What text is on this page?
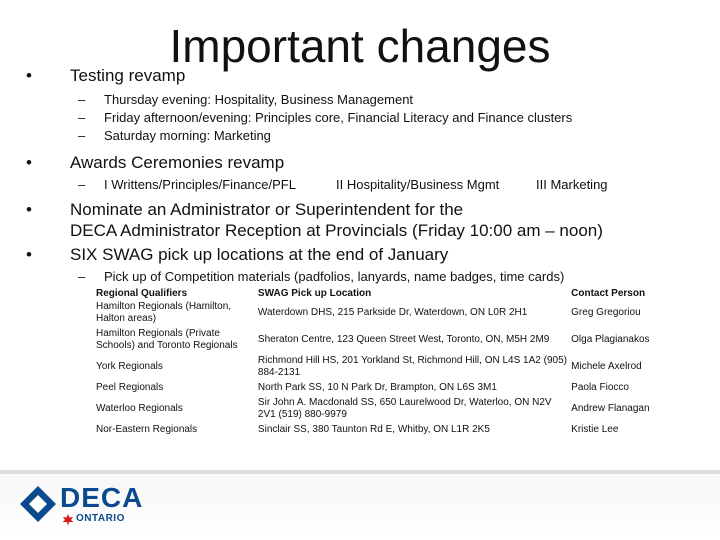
Important changes
• Testing revamp
– Thursday evening: Hospitality, Business Management
– Friday afternoon/evening: Principles core, Financial Literacy and Finance clusters
– Saturday morning: Marketing
• Awards Ceremonies revamp
– I Writtens/Principles/Finance/PFL	II Hospitality/Business Mgmt	III Marketing
• Nominate an Administrator or Superintendent for the
DECA Administrator Reception at Provincials (Friday 10:00 am – noon)
• SIX SWAG pick up locations at the end of January
– Pick up of Competition materials (padfolios, lanyards, name badges, time cards)
Regional Qualifiers	SWAG Pick up Location	Contact Person
Hamilton Regionals (Hamilton, Halton areas)	Waterdown DHS, 215 Parkside Dr, Waterdown, ON L0R 2H1	Greg Gregoriou
Hamilton Regionals (Private Schools) and Toronto Regionals	Sheraton Centre, 123 Queen Street West, Toronto, ON, M5H 2M9	Olga Plagianakos
York Regionals	Richmond Hill HS, 201 Yorkland St, Richmond Hill, ON L4S 1A2 (905) 884-2131	Michele Axelrod
Peel Regionals	North Park SS, 10 N Park Dr, Brampton, ON L6S 3M1	Paola Fiocco
Waterloo Regionals	Sir John A. Macdonald SS, 650 Laurelwood Dr, Waterloo, ON N2V 2V1 (519) 880-9979	Andrew Flanagan
Nor-Eastern Regionals	Sinclair SS, 380 Taunton Rd E, Whitby, ON L1R 2K5	Kristie Lee
DECA
ONTARIO
